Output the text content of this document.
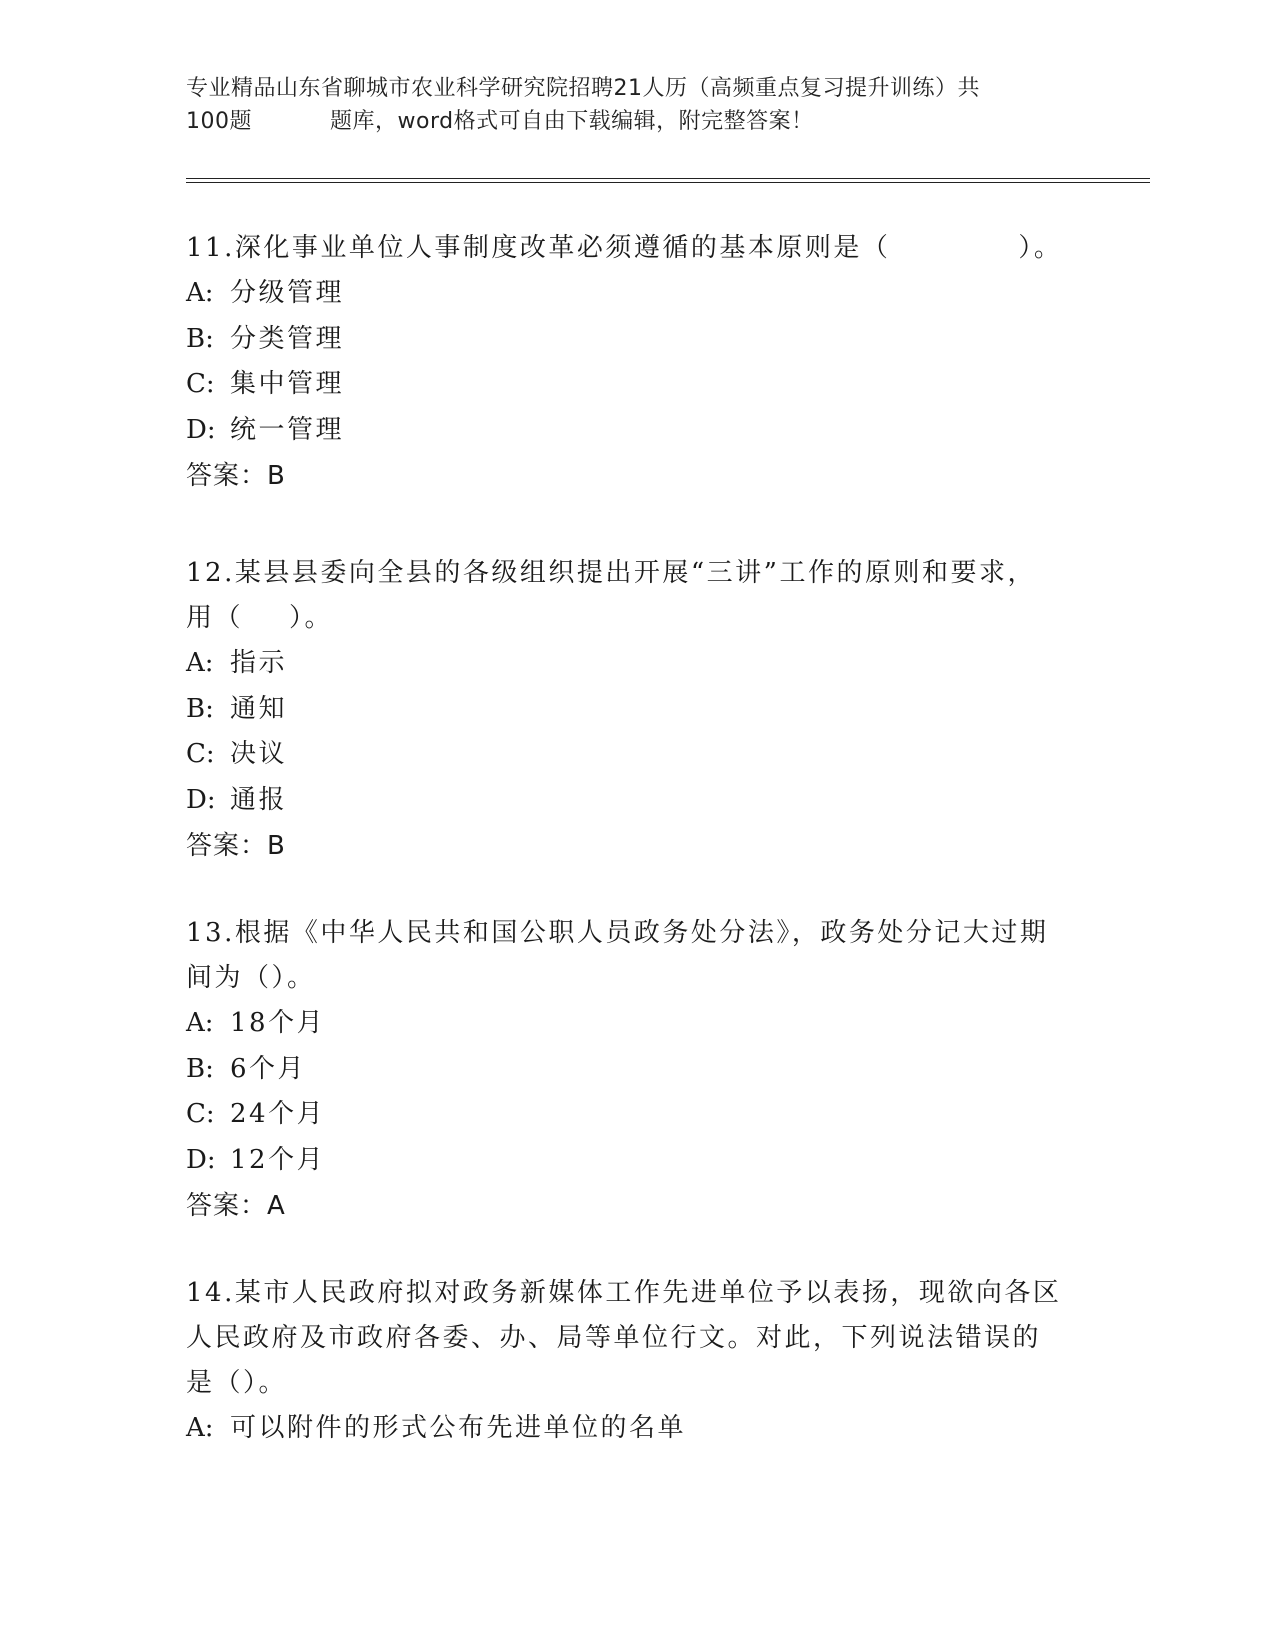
专业精品山东省聊城市农业科学研究院招聘21人历（高频重点复习提升训练）共
100题	题库，word格式可自由下载编辑，附完整答案！
11.深化事业单位人事制度改革必须遵循的基本原则是（	）。
A: 分级管理
B: 分类管理
C: 集中管理
D: 统一管理
答案：B
12.某县县委向全县的各级组织提出开展“三讲”工作的原则和要求，
用（ ）。
A: 指示
B: 通知
C: 决议
D: 通报
答案：B
13.根据《中华人民共和国公职人员政务处分法》，政务处分记大过期
间为（）。
A: 18个月
B: 6个月
C: 24个月
D: 12个月
答案：A
14.某市人民政府拟对政务新媒体工作先进单位予以表扬，现欲向各区
人民政府及市政府各委、办、局等单位行文。对此，下列说法错误的
是（）。
A: 可以附件的形式公布先进单位的名单
